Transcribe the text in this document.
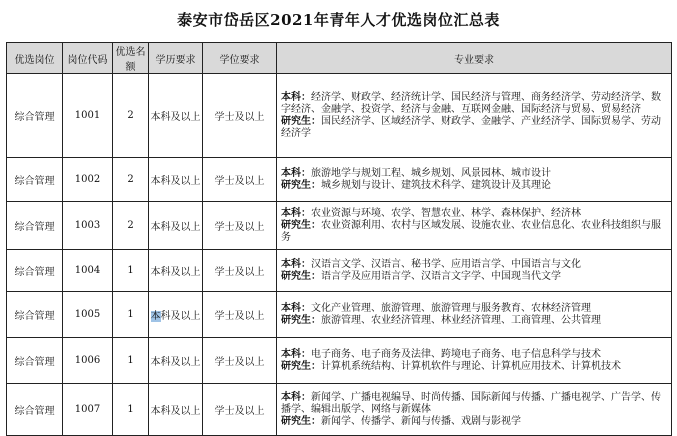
泰安市岱岳区2021年青年人才优选岗位汇总表
优选岗位	岗位代码	优选名额	学历要求	学位要求	专业要求
综合管理	1001	2	本科及以上	学士及以上	本科：经济学、财政学、经济统计学、国民经济与管理、商务经济学、劳动经济学、数字经济、金融学、投资学、经济与金融、互联网金融、国际经济与贸易、贸易经济
研究生：国民经济学、区域经济学、财政学、金融学、产业经济学、国际贸易学、劳动经济学

综合管理	1002	2	本科及以上	学士及以上	本科：旅游地学与规划工程、城乡规划、风景园林、城市设计
研究生：城乡规划与设计、建筑技术科学、建筑设计及其理论

综合管理	1003	2	本科及以上	学士及以上	本科：农业资源与环境、农学、智慧农业、林学、森林保护、经济林
研究生：农业资源利用、农村与区域发展、设施农业、农业信息化、农业科技组织与服务

综合管理	1004	1	本科及以上	学士及以上	本科：汉语言文学、汉语言、秘书学、应用语言学、中国语言与文化
研究生：语言学及应用语言学、汉语言文字学、中国现当代文学

综合管理	1005	1	本科及以上	学士及以上	本科：文化产业管理、旅游管理、旅游管理与服务教育、农林经济管理
研究生：旅游管理、农业经济管理、林业经济管理、工商管理、公共管理

综合管理	1006	1	本科及以上	学士及以上	本科：电子商务、电子商务及法律、跨境电子商务、电子信息科学与技术
研究生：计算机系统结构、计算机软件与理论、计算机应用技术、计算机技术

综合管理	1007	1	本科及以上	学士及以上	本科：新闻学、广播电视编导、时尚传播、国际新闻与传播、广播电视学、广告学、传播学、编辑出版学、网络与新媒体
研究生：新闻学、传播学、新闻与传播、戏剧与影视学
